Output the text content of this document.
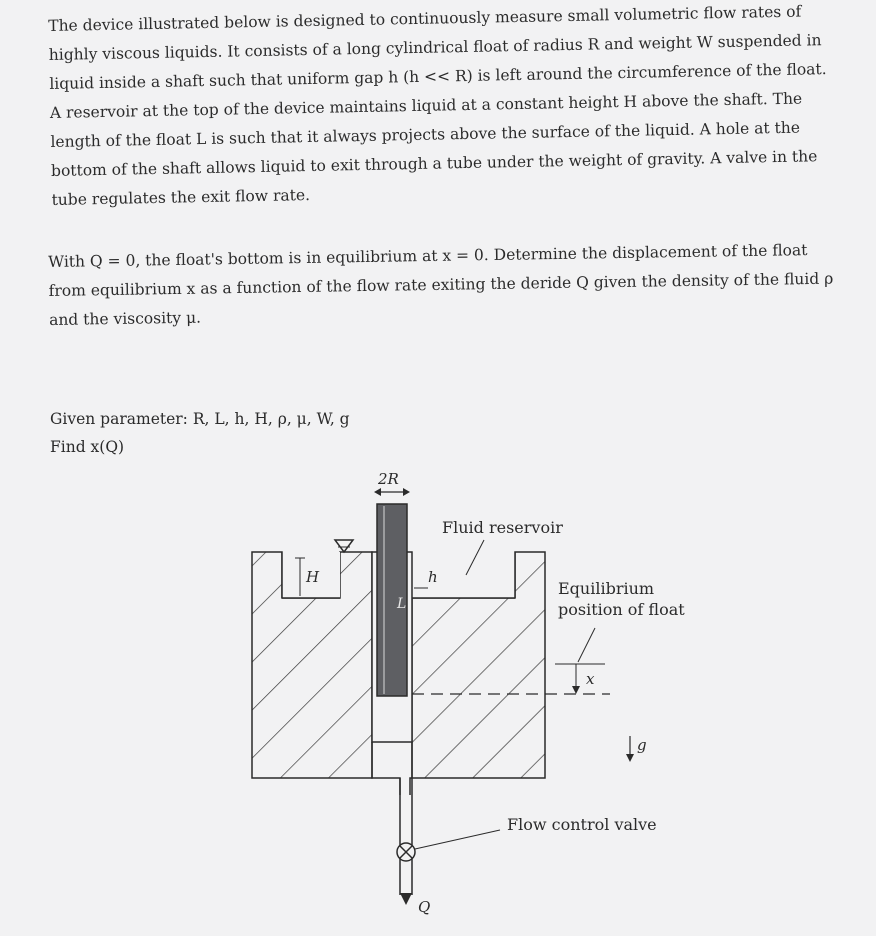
The device illustrated below is designed to continuously measure small volumetric flow rates of highly viscous liquids. It consists of a long cylindrical float of radius R and weight W suspended in liquid inside a shaft such that uniform gap h (h << R) is left around the circumference of the float. A reservoir at the top of the device maintains liquid at a constant height H above the shaft. The length of the float L is such that it always projects above the surface of the liquid. A hole at the bottom of the shaft allows liquid to exit through a tube under the weight of gravity. A valve in the tube regulates the exit flow rate.
With Q = 0, the float's bottom is in equilibrium at x = 0. Determine the displacement of the float from equilibrium x as a function of the flow rate exiting the deride Q given the density of the fluid ρ and the viscosity μ.
Given parameter: R, L, h, H, ρ, μ, W, g
Find x(Q)
2R
Fluid reservoir
H	h
L
Equilibrium
position of float
x
g
Flow control valve
Q
